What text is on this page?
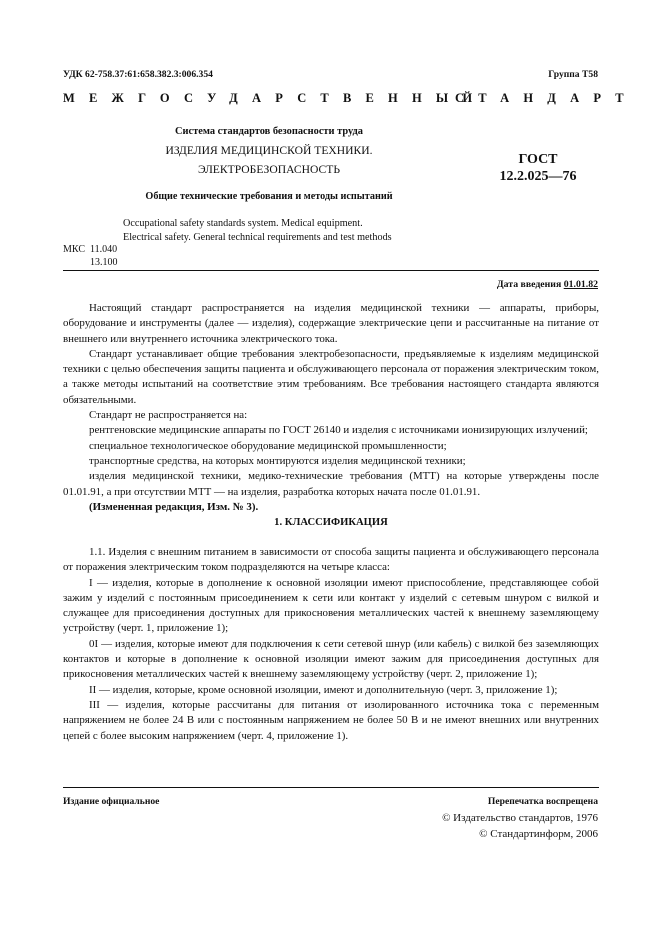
УДК 62-758.37:61:658.382.3:006.354	Группа Т58
МЕЖГОСУДАРСТВЕННЫЙ
СТАНДАРТ
Система стандартов безопасности труда
ИЗДЕЛИЯ МЕДИЦИНСКОЙ ТЕХНИКИ.
ЭЛЕКТРОБЕЗОПАСНОСТЬ
Общие технические требования и методы испытаний
ГОСТ
12.2.025—76
Occupational safety standards system. Medical equipment.
Electrical safety. General technical requirements and test methods
МКС 11.040
13.100
Дата введения 01.01.82

Настоящий стандарт распространяется на изделия медицинской техники — аппараты, приборы, оборудование и инструменты (далее — изделия), содержащие электрические цепи и рассчитанные на питание от внешнего или внутреннего источника электрического тока.

Стандарт устанавливает общие требования электробезопасности, предъявляемые к изделиям медицинской техники с целью обеспечения защиты пациента и обслуживающего персонала от поражения электрическим током, а также методы испытаний на соответствие этим требованиям. Все требования настоящего стандарта являются обязательными.

Стандарт не распространяется на:

рентгеновские медицинские аппараты по ГОСТ 26140 и изделия с источниками ионизирующих излучений;

специальное технологическое оборудование медицинской промышленности;

транспортные средства, на которых монтируются изделия медицинской техники;

изделия медицинской техники, медико-технические требования (МТТ) на которые утверждены после 01.01.91, а при отсутствии МТТ — на изделия, разработка которых начата после 01.01.91.

(Измененная редакция, Изм. № 3).

1. КЛАССИФИКАЦИЯ

1.1. Изделия с внешним питанием в зависимости от способа защиты пациента и обслуживающего персонала от поражения электрическим током подразделяются на четыре класса:

I — изделия, которые в дополнение к основной изоляции имеют приспособление, представляющее собой зажим у изделий с постоянным присоединением к сети или контакт у изделий с сетевым шнуром с вилкой и служащее для присоединения доступных для прикосновения металлических частей к внешнему заземляющему устройству (черт. 1, приложение 1);

0I — изделия, которые имеют для подключения к сети сетевой шнур (или кабель) с вилкой без заземляющих контактов и которые в дополнение к основной изоляции имеют зажим для присоединения доступных для прикосновения металлических частей к внешнему заземляющему устройству (черт. 2, приложение 1);

II — изделия, которые, кроме основной изоляции, имеют и дополнительную (черт. 3, приложение 1);

III — изделия, которые рассчитаны для питания от изолированного источника тока с переменным напряжением не более 24 В или с постоянным напряжением не более 50 В и не имеют внешних или внутренних цепей с более высоким напряжением (черт. 4, приложение 1).

Издание официальное	Перепечатка воспрещена
© Издательство стандартов, 1976
© Стандартинформ, 2006
